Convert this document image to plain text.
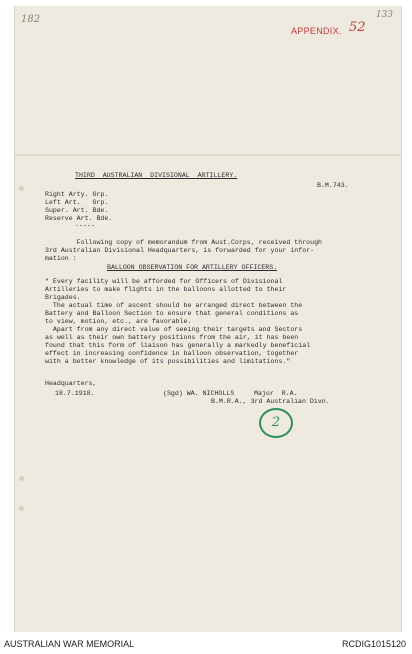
182	133
APPENDIX. 52
THIRD  AUSTRALIAN  DIVISIONAL  ARTILLERY.
B.M.743.
Right Arty. Grp.
Left Art.   Grp.
Super. Art. Bde.
Reserve Art. Bde.
-----
Following copy of memorandum from Aust.Corps, received through
3rd Australian Divisional Headquarters, is forwarded for your infor-
mation :
BALLOON OBSERVATION FOR ARTILLERY OFFICERS.
" Every facility will be afforded for Officers of Divisional
Artilleries to make flights in the balloons allotted to their
Brigades.
The actual time of ascent should be arranged direct between the
Battery and Balloon Section to ensure that general conditions as
to view, motion, etc., are favorable.
Apart from any direct value of seeing their targets and Sectors
as well as their own battery positions from the air, it has been
found that this form of liaison has generally a markedly beneficial
effect in increasing confidence in balloon observation, together
with a better knowledge of its possibilities and limitations."
Headquarters,
18.7.1918.	(Sgd) WA. NICHOLLS     Major  R.A.
B.M.R.A., 3rd Australian Divn.
2
AUSTRALIAN WAR MEMORIAL	RCDIG1015120
